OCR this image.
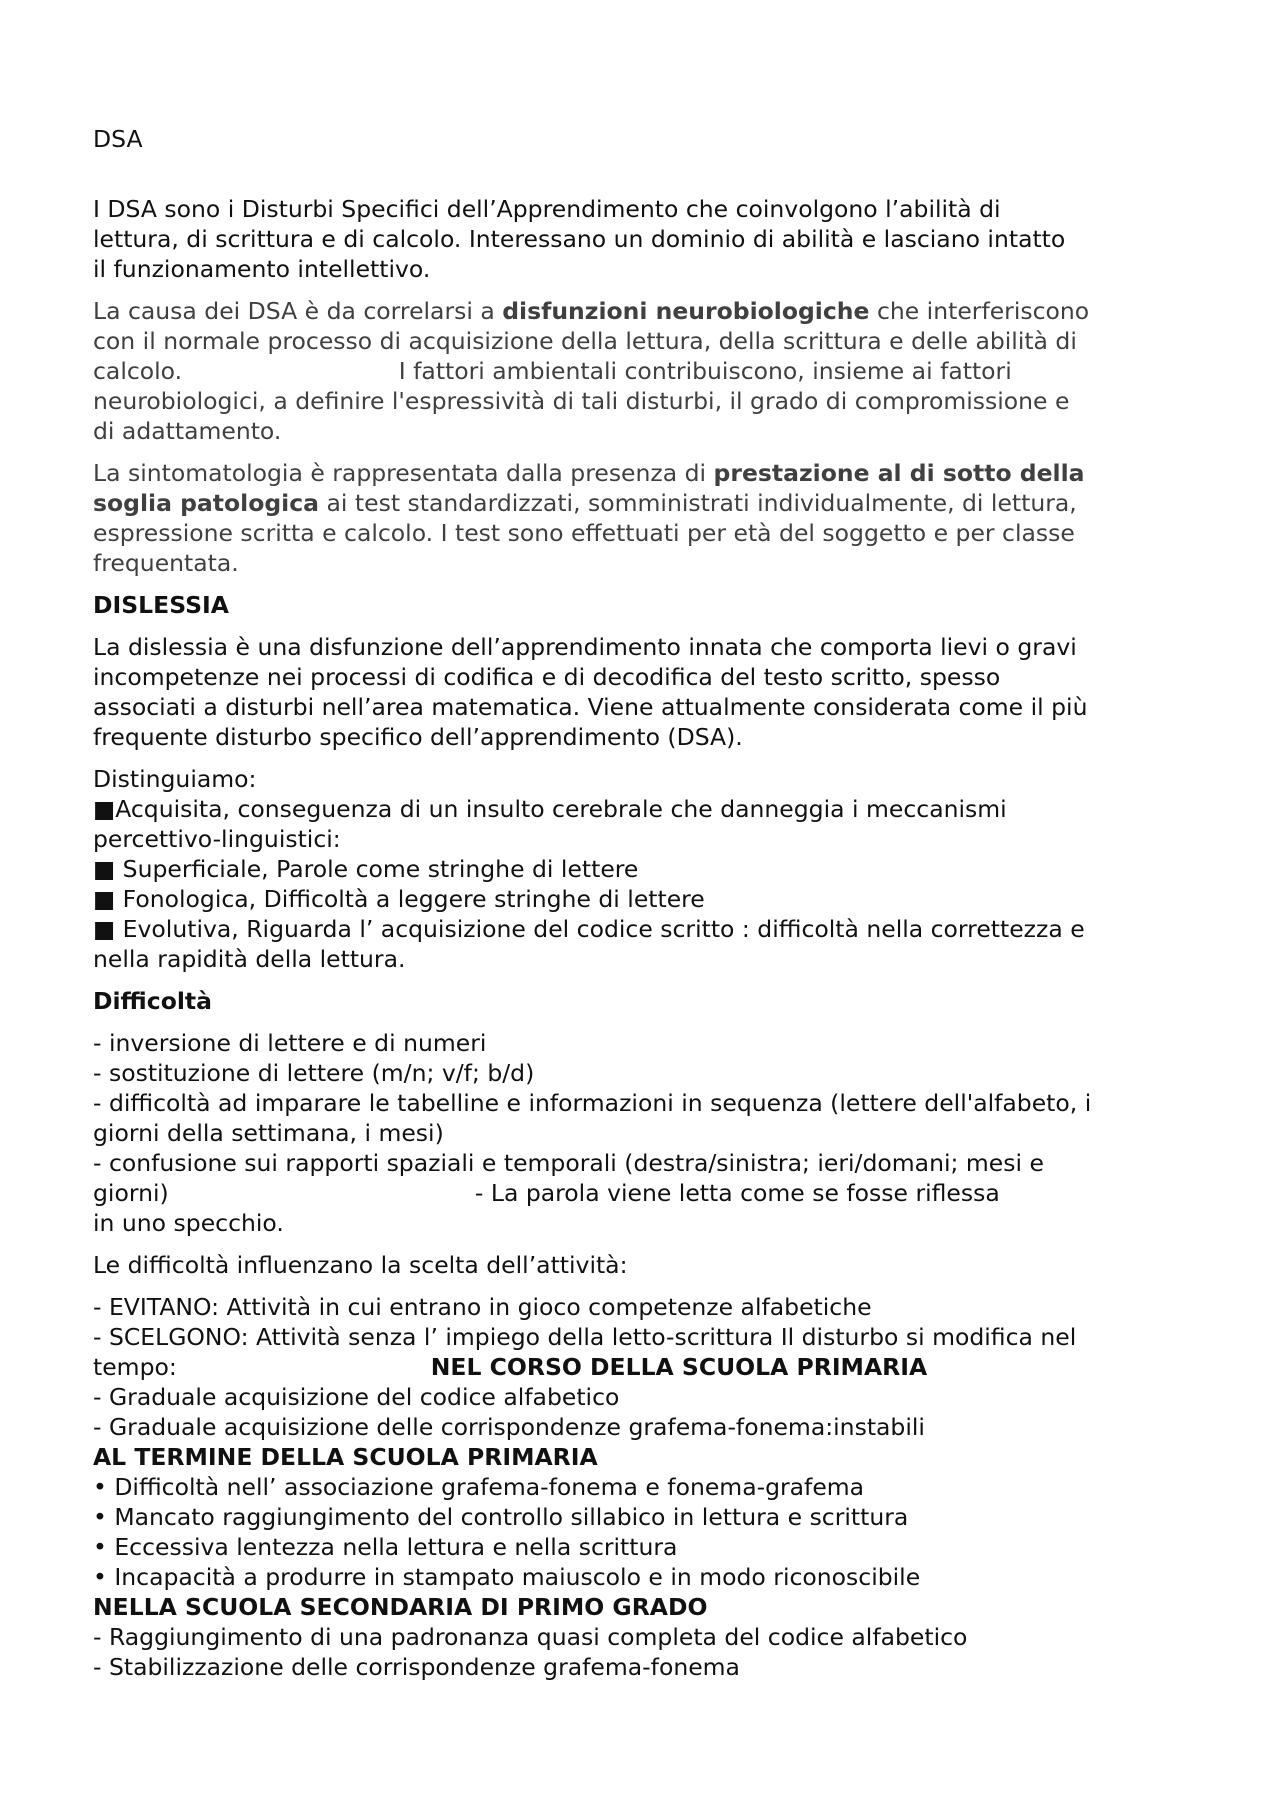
DSA

I DSA sono i Disturbi Specifici dell’Apprendimento che coinvolgono l’abilità di

lettura, di scrittura e di calcolo. Interessano un dominio di abilità e lasciano intatto

il funzionamento intellettivo.

La causa dei DSA è da correlarsi a disfunzioni neurobiologiche che interferiscono

con il normale processo di acquisizione della lettura, della scrittura e delle abilità di

calcolo.                             I fattori ambientali contribuiscono, insieme ai fattori

neurobiologici, a definire l'espressività di tali disturbi, il grado di compromissione e

di adattamento.

La sintomatologia è rappresentata dalla presenza di prestazione al di sotto della

soglia patologica ai test standardizzati, somministrati individualmente, di lettura,

espressione scritta e calcolo. I test sono effettuati per età del soggetto e per classe

frequentata.

DISLESSIA

La dislessia è una disfunzione dell’apprendimento innata che comporta lievi o gravi

incompetenze nei processi di codifica e di decodifica del testo scritto, spesso

associati a disturbi nell’area matematica. Viene attualmente considerata come il più

frequente disturbo specifico dell’apprendimento (DSA).

Distinguiamo:

■Acquisita, conseguenza di un insulto cerebrale che danneggia i meccanismi

percettivo-linguistici:

■ Superficiale, Parole come stringhe di lettere

■ Fonologica, Difficoltà a leggere stringhe di lettere

■ Evolutiva, Riguarda l’ acquisizione del codice scritto : difficoltà nella correttezza e

nella rapidità della lettura.

Difficoltà

- inversione di lettere e di numeri

- sostituzione di lettere (m/n; v/f; b/d)

- difficoltà ad imparare le tabelline e informazioni in sequenza (lettere dell'alfabeto, i

giorni della settimana, i mesi)

- confusione sui rapporti spaziali e temporali (destra/sinistra; ieri/domani; mesi e

giorni)                                         - La parola viene letta come se fosse riflessa

in uno specchio.

Le difficoltà influenzano la scelta dell’attività:

- EVITANO: Attività in cui entrano in gioco competenze alfabetiche

- SCELGONO: Attività senza l’ impiego della letto-scrittura Il disturbo si modifica nel

tempo:                                  NEL CORSO DELLA SCUOLA PRIMARIA

- Graduale acquisizione del codice alfabetico

- Graduale acquisizione delle corrispondenze grafema-fonema:instabili

AL TERMINE DELLA SCUOLA PRIMARIA

• Difficoltà nell’ associazione grafema-fonema e fonema-grafema

• Mancato raggiungimento del controllo sillabico in lettura e scrittura

• Eccessiva lentezza nella lettura e nella scrittura

• Incapacità a produrre in stampato maiuscolo e in modo riconoscibile

NELLA SCUOLA SECONDARIA DI PRIMO GRADO

- Raggiungimento di una padronanza quasi completa del codice alfabetico

- Stabilizzazione delle corrispondenze grafema-fonema
